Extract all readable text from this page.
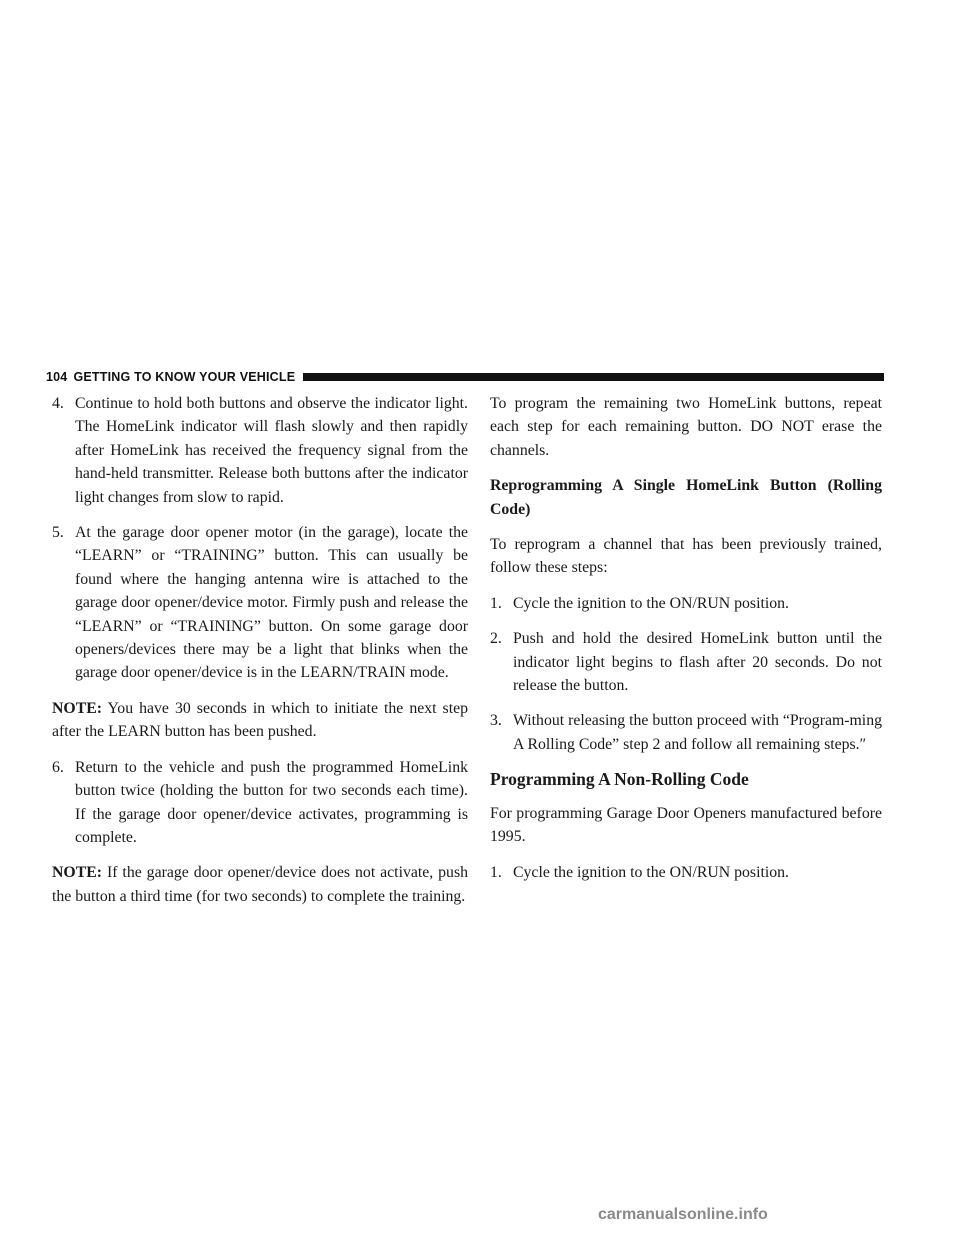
104 GETTING TO KNOW YOUR VEHICLE
4. Continue to hold both buttons and observe the indicator light. The HomeLink indicator will flash slowly and then rapidly after HomeLink has received the frequency signal from the hand-held transmitter. Release both buttons after the indicator light changes from slow to rapid.
5. At the garage door opener motor (in the garage), locate the “LEARN” or “TRAINING” button. This can usually be found where the hanging antenna wire is attached to the garage door opener/device motor. Firmly push and release the “LEARN” or “TRAINING” button. On some garage door openers/devices there may be a light that blinks when the garage door opener/device is in the LEARN/TRAIN mode.

NOTE: You have 30 seconds in which to initiate the next step after the LEARN button has been pushed.

6. Return to the vehicle and push the programmed HomeLink button twice (holding the button for two seconds each time). If the garage door opener/device activates, programming is complete.

NOTE: If the garage door opener/device does not activate, push the button a third time (for two seconds) to complete the training.

To program the remaining two HomeLink buttons, repeat each step for each remaining button. DO NOT erase the channels.

Reprogramming A Single HomeLink Button (Rolling Code)

To reprogram a channel that has been previously trained, follow these steps:

1. Cycle the ignition to the ON/RUN position.
2. Push and hold the desired HomeLink button until the indicator light begins to flash after 20 seconds. Do not release the button.
3. Without releasing the button proceed with “Program-ming A Rolling Code” step 2 and follow all remaining steps.″
Programming A Non-Rolling Code

For programming Garage Door Openers manufactured before 1995.

1. Cycle the ignition to the ON/RUN position.
carmanualsonline.info
